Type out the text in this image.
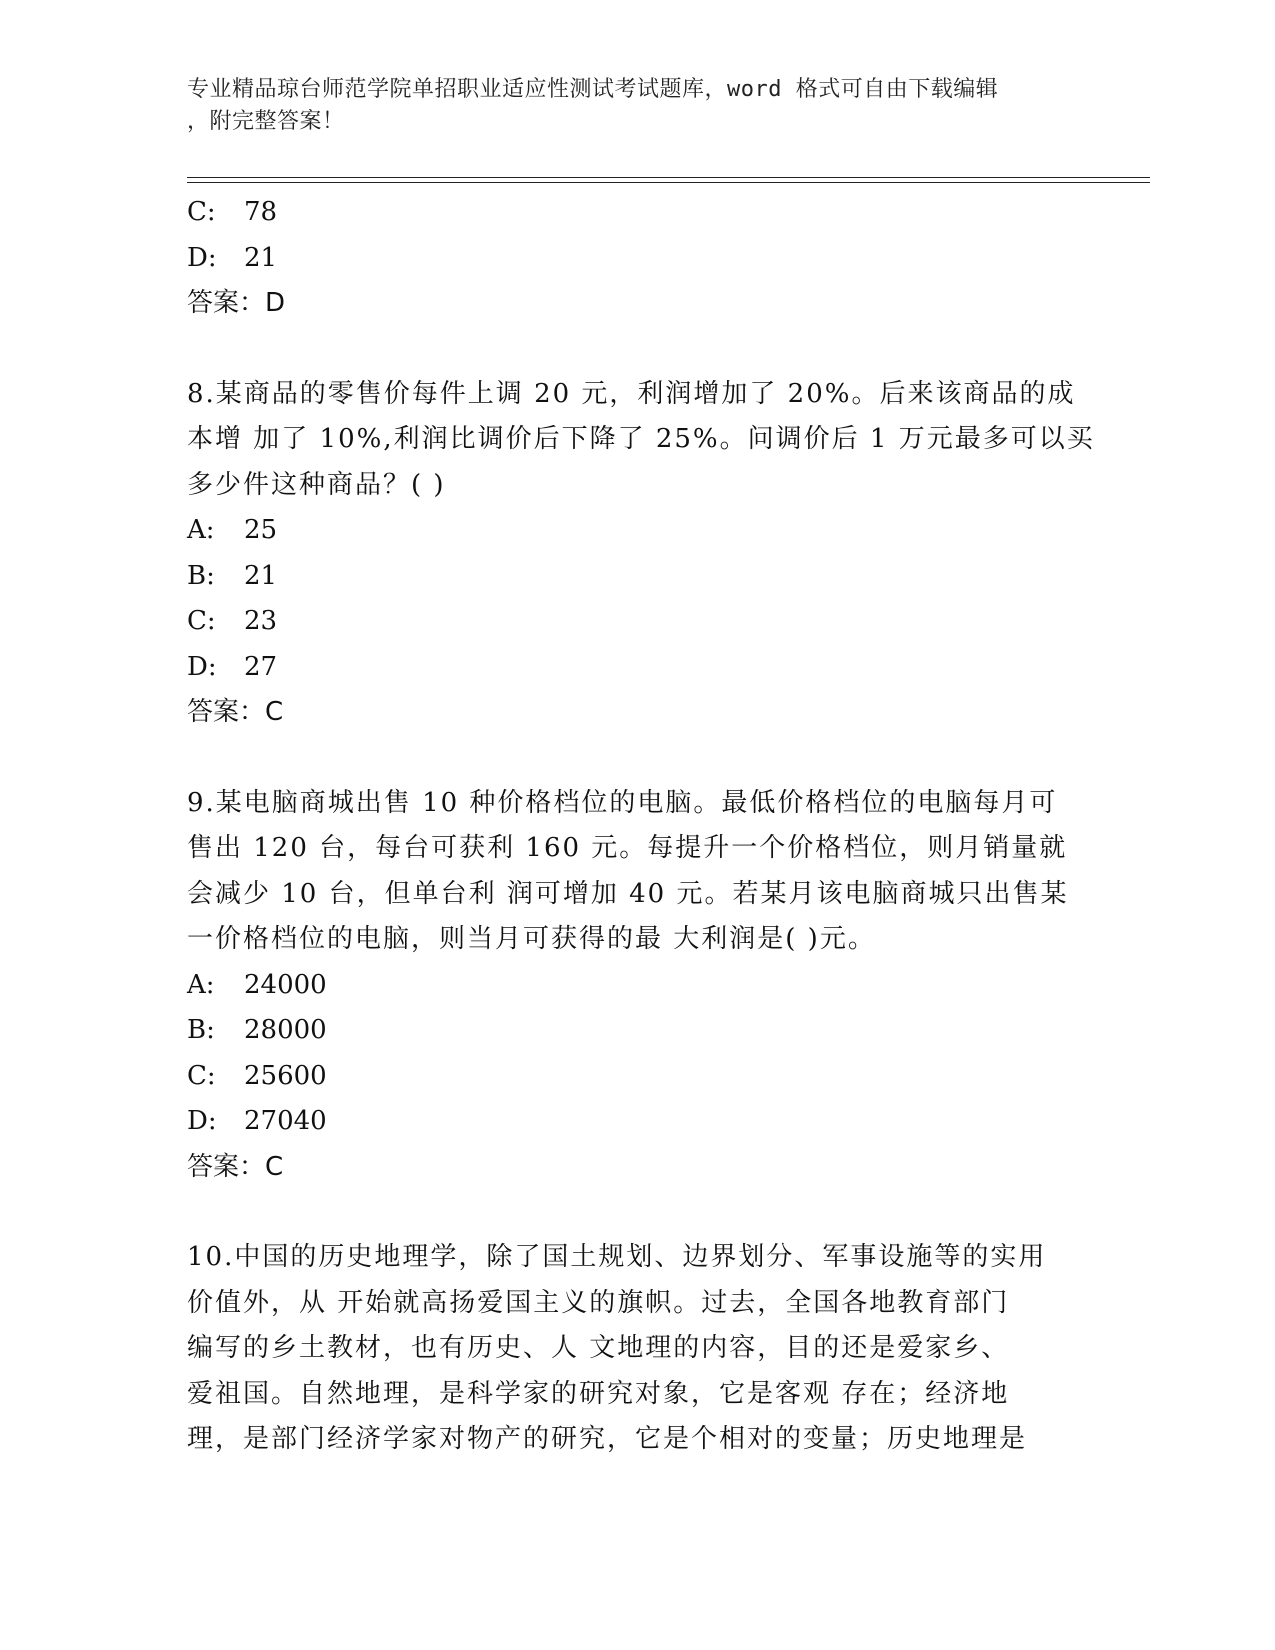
专业精品琼台师范学院单招职业适应性测试考试题库，word 格式可自由下载编辑
，附完整答案！
C: 78
D: 21
答案：D
8.某商品的零售价每件上调 20 元，利润增加了 20%。后来该商品的成
本增 加了 10%,利润比调价后下降了 25%。问调价后 1 万元最多可以买
多少件这种商品？( )
A: 25
B: 21
C: 23
D: 27
答案：C
9.某电脑商城出售 10 种价格档位的电脑。最低价格档位的电脑每月可
售出 120 台，每台可获利 160 元。每提升一个价格档位，则月销量就
会减少 10 台，但单台利 润可增加 40 元。若某月该电脑商城只出售某
一价格档位的电脑，则当月可获得的最 大利润是( )元。
A: 24000
B: 28000
C: 25600
D: 27040
答案：C
10.中国的历史地理学，除了国土规划、边界划分、军事设施等的实用
价值外，从 开始就高扬爱国主义的旗帜。过去，全国各地教育部门
编写的乡土教材，也有历史、人 文地理的内容，目的还是爱家乡、
爱祖国。自然地理，是科学家的研究对象，它是客观 存在；经济地
理，是部门经济学家对物产的研究，它是个相对的变量；历史地理是
